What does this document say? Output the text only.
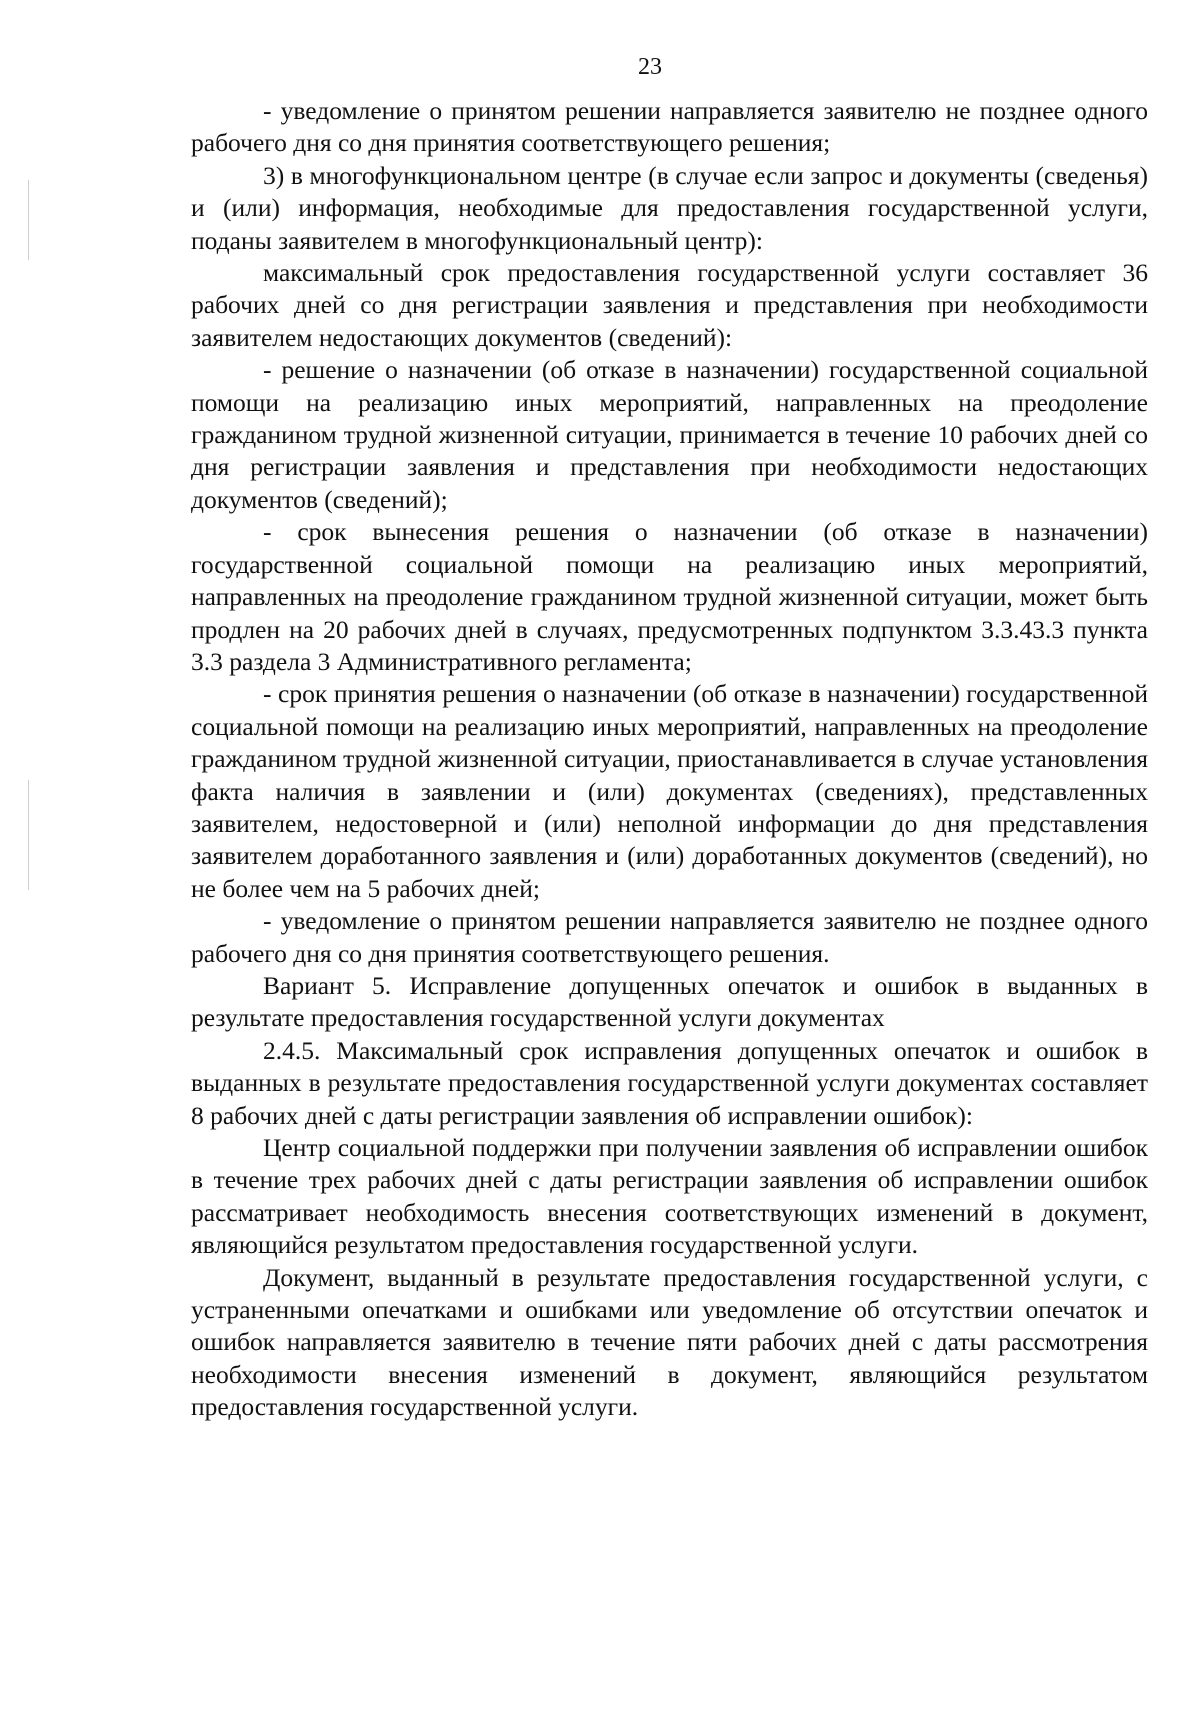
23

- уведомление о принятом решении направляется заявителю не позднее одного рабочего дня со дня принятия соответствующего решения;

3) в многофункциональном центре (в случае если запрос и документы (сведенья) и (или) информация, необходимые для предоставления государственной услуги, поданы заявителем в многофункциональный центр):

максимальный срок предоставления государственной услуги составляет 36 рабочих дней со дня регистрации заявления и представления при необходимости заявителем недостающих документов (сведений):

- решение о назначении (об отказе в назначении) государственной социальной помощи на реализацию иных мероприятий, направленных на преодоление гражданином трудной жизненной ситуации, принимается в течение 10 рабочих дней со дня регистрации заявления и представления при необходимости недостающих документов (сведений);

- срок вынесения решения о назначении (об отказе в назначении) государственной социальной помощи на реализацию иных мероприятий, направленных на преодоление гражданином трудной жизненной ситуации, может быть продлен на 20 рабочих дней в случаях, предусмотренных подпунктом 3.3.43.3 пункта 3.3 раздела 3 Административного регламента;

- срок принятия решения о назначении (об отказе в назначении) государственной социальной помощи на реализацию иных мероприятий, направленных на преодоление гражданином трудной жизненной ситуации, приостанавливается в случае установления факта наличия в заявлении и (или) документах (сведениях), представленных заявителем, недостоверной и (или) неполной информации до дня представления заявителем доработанного заявления и (или) доработанных документов (сведений), но не более чем на 5 рабочих дней;

- уведомление о принятом решении направляется заявителю не позднее одного рабочего дня со дня принятия соответствующего решения.

Вариант 5. Исправление допущенных опечаток и ошибок в выданных в результате предоставления государственной услуги документах

2.4.5. Максимальный срок исправления допущенных опечаток и ошибок в выданных в результате предоставления государственной услуги документах составляет 8 рабочих дней с даты регистрации заявления об исправлении ошибок):

Центр социальной поддержки при получении заявления об исправлении ошибок в течение трех рабочих дней с даты регистрации заявления об исправлении ошибок рассматривает необходимость внесения соответствующих изменений в документ, являющийся результатом предоставления государственной услуги.

Документ, выданный в результате предоставления государственной услуги, с устраненными опечатками и ошибками или уведомление об отсутствии опечаток и ошибок направляется заявителю в течение пяти рабочих дней с даты рассмотрения необходимости внесения изменений в документ, являющийся результатом предоставления государственной услуги.
